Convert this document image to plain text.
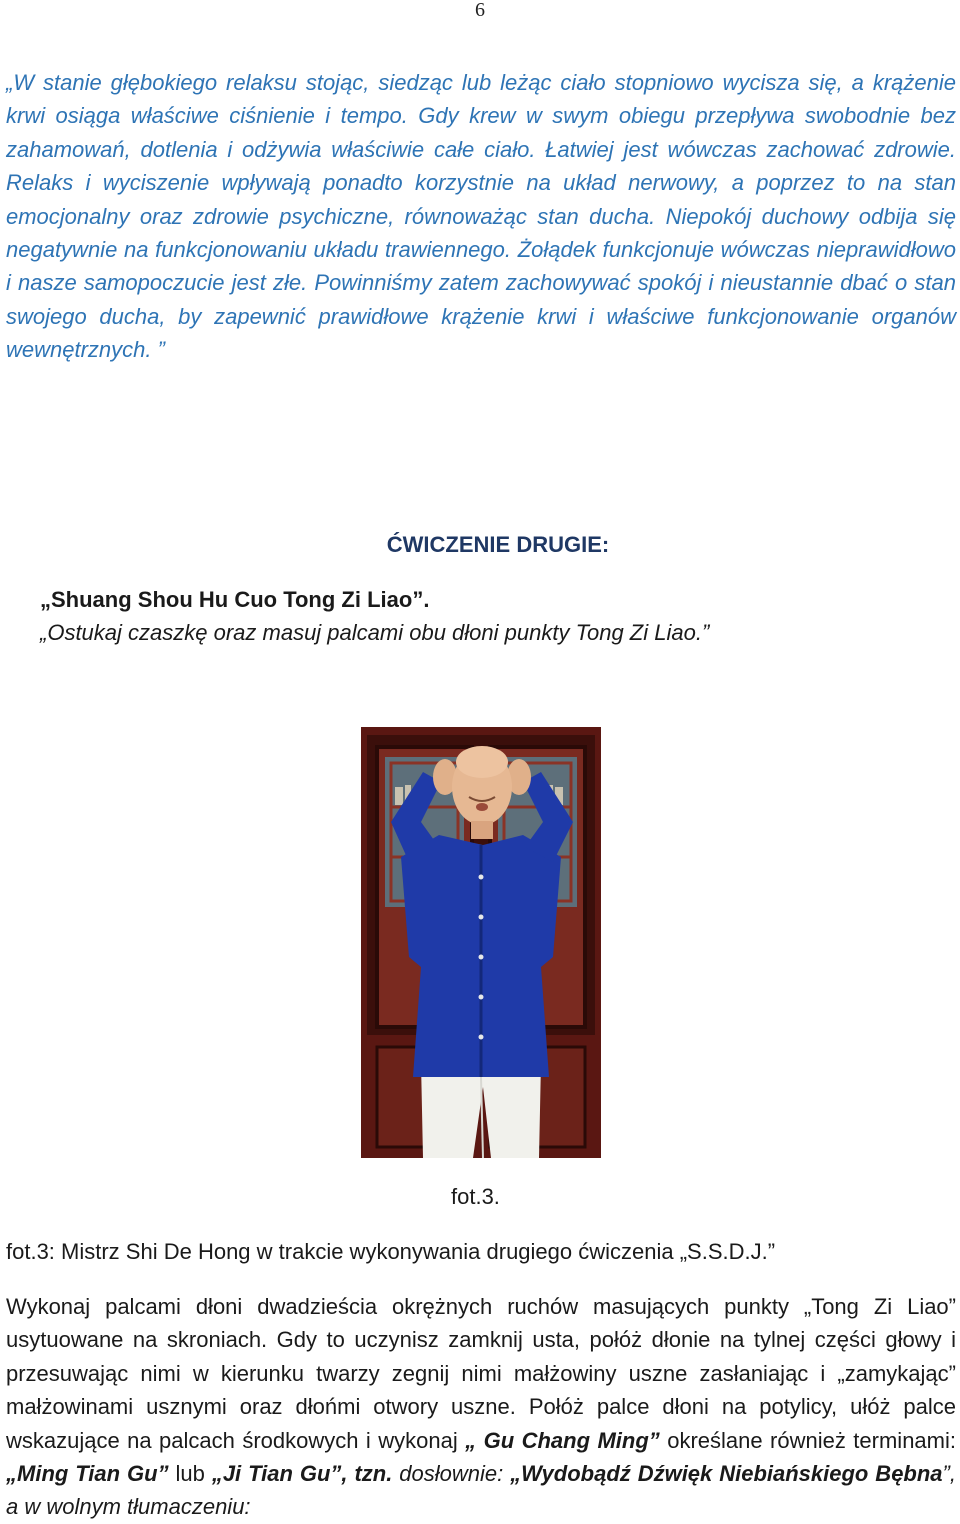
6

„W stanie głębokiego relaksu stojąc, siedząc lub leżąc ciało stopniowo wycisza się, a krążenie krwi osiąga właściwe ciśnienie i tempo. Gdy krew w swym obiegu przepływa swobodnie bez zahamowań, dotlenia i odżywia właściwie całe ciało. Łatwiej jest wówczas zachować zdrowie. Relaks i wyciszenie wpływają ponadto korzystnie na układ nerwowy, a poprzez to na stan emocjonalny oraz zdrowie psychiczne, równoważąc stan ducha. Niepokój duchowy odbija się negatywnie na funkcjonowaniu układu trawiennego. Żołądek funkcjonuje wówczas nieprawidłowo i nasze samopoczucie jest złe. Powinniśmy zatem zachowywać spokój i nieustannie dbać o stan swojego ducha, by zapewnić prawidłowe krążenie krwi i właściwe funkcjonowanie organów wewnętrznych. ”

ĆWICZENIE DRUGIE:
„Shuang Shou Hu Cuo Tong Zi Liao”.
„Ostukaj czaszkę oraz masuj palcami obu dłoni punkty Tong Zi Liao.”
fot.3.
fot.3: Mistrz Shi De Hong w trakcie wykonywania drugiego ćwiczenia „S.S.D.J.”

Wykonaj palcami dłoni dwadzieścia okrężnych ruchów masujących punkty „Tong Zi Liao” usytuowane na skroniach. Gdy to uczynisz zamknij usta, połóż dłonie na tylnej części głowy i przesuwając nimi w kierunku twarzy zegnij nimi małżowiny uszne zasłaniając i „zamykając” małżowinami usznymi oraz dłońmi otwory uszne. Połóż palce dłoni na potylicy, ułóż palce wskazujące na palcach środkowych i wykonaj „ Gu Chang Ming” określane również terminami: „Ming Tian Gu” lub „Ji Tian Gu”, tzn. dosłownie: „Wydobądź Dźwięk Niebiańskiego Bębna”, a w wolnym tłumaczeniu:
